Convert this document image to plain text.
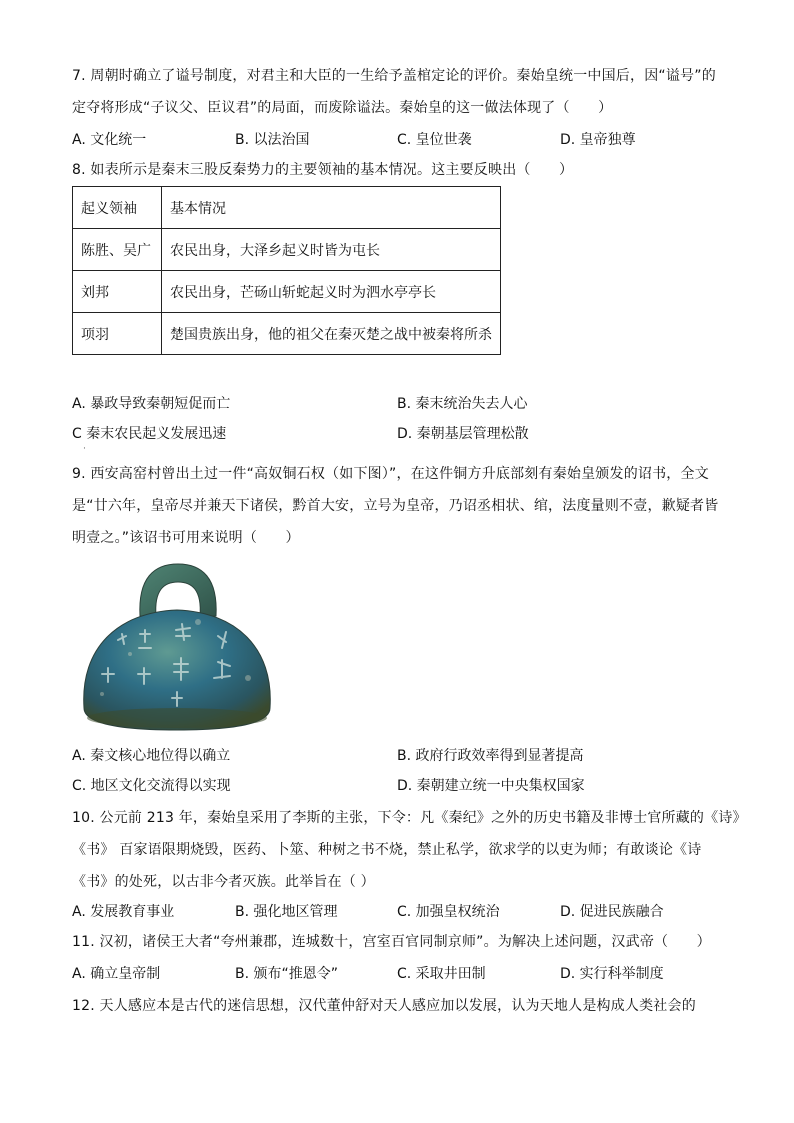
7. 周朝时确立了谥号制度，对君主和大臣的一生给予盖棺定论的评价。秦始皇统一中国后，因“谥号”的
定夺将形成“子议父、臣议君”的局面，而废除谥法。秦始皇的这一做法体现了（　　）
A. 文化统一	B. 以法治国	C. 皇位世袭	D. 皇帝独尊
8. 如表所示是秦末三股反秦势力的主要领袖的基本情况。这主要反映出（　　）
起义领袖	基本情况
陈胜、吴广	农民出身，大泽乡起义时皆为屯长
刘邦	农民出身，芒砀山斩蛇起义时为泗水亭亭长
项羽	楚国贵族出身，他的祖父在秦灭楚之战中被秦将所杀
A. 暴政导致秦朝短促而亡	B. 秦末统治失去人心
C 秦末农民起义发展迅速	D. 秦朝基层管理松散
·
9. 西安高窑村曾出土过一件“高奴铜石权（如下图）”，在这件铜方升底部刻有秦始皇颁发的诏书，全文
是“廿六年，皇帝尽并兼天下诸侯，黔首大安，立号为皇帝，乃诏丞相状、绾，法度量则不壹，歉疑者皆
明壹之。”该诏书可用来说明（　　）
A. 秦文核心地位得以确立	B. 政府行政效率得到显著提高
C. 地区文化交流得以实现	D. 秦朝建立统一中央集权国家
10. 公元前 213 年，秦始皇采用了李斯的主张，下令：凡《秦纪》之外的历史书籍及非博士官所藏的《诗》
《书》 百家语限期烧毁，医药、卜筮、种树之书不烧，禁止私学，欲求学的以吏为师；有敢谈论《诗
《书》的处死，以古非今者灭族。此举旨在（ ）
A. 发展教育事业	B. 强化地区管理	C. 加强皇权统治	D. 促进民族融合
11. 汉初，诸侯王大者“夸州兼郡，连城数十，宫室百官同制京师”。为解决上述问题，汉武帝（　　）
A. 确立皇帝制	B. 颁布“推恩令”	C. 采取井田制	D. 实行科举制度
12. 天人感应本是古代的迷信思想，汉代董仲舒对天人感应加以发展，认为天地人是构成人类社会的
